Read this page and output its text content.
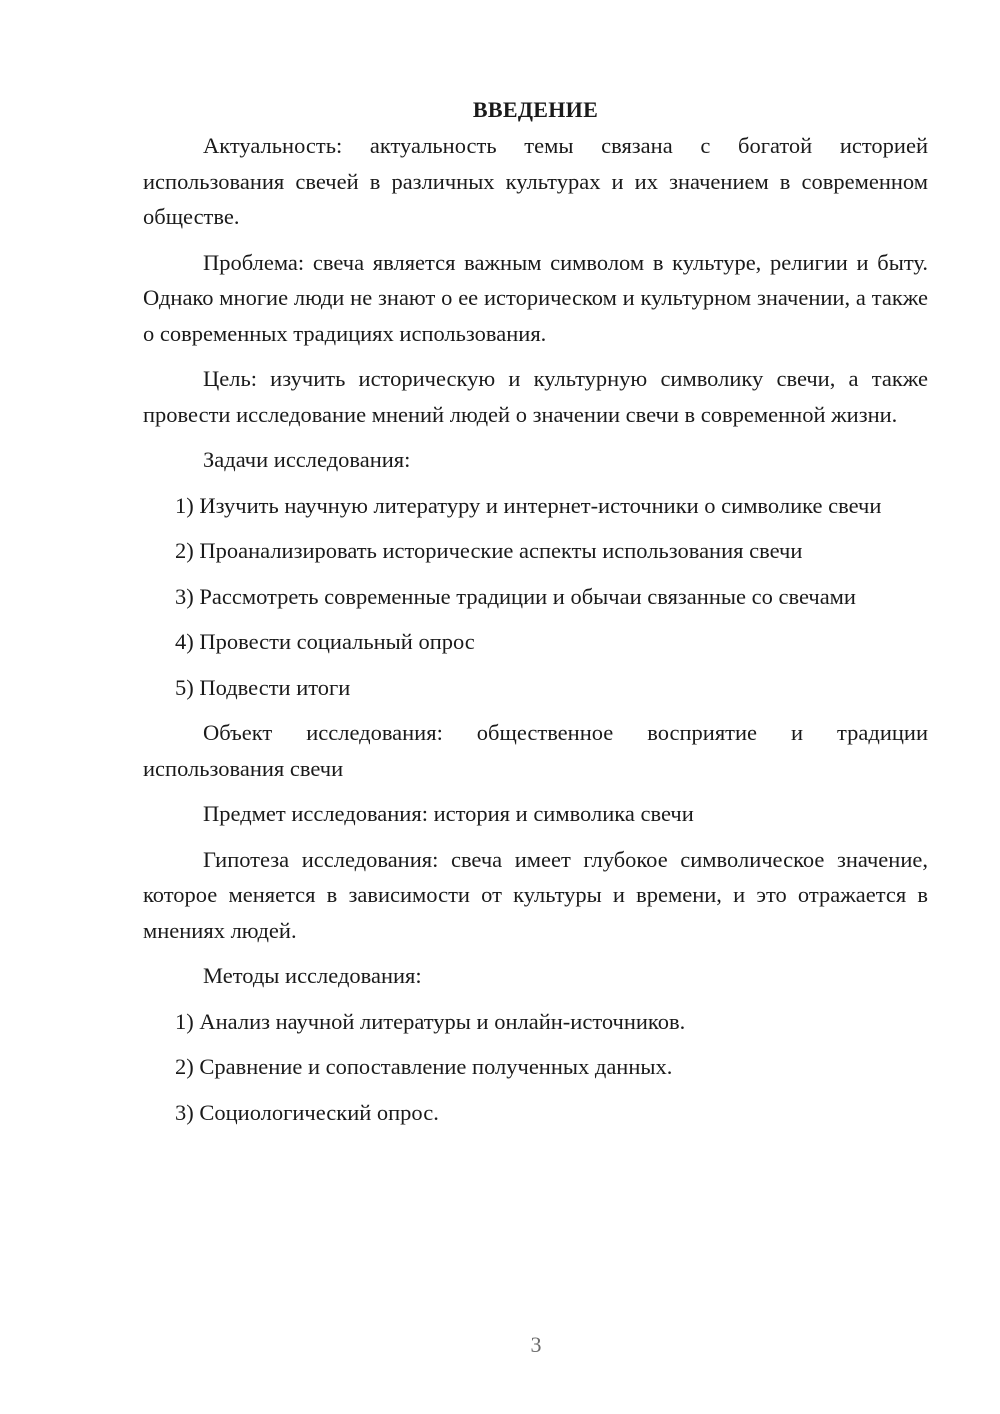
ВВЕДЕНИЕ

Актуальность: актуальность темы связана с богатой историей использования свечей в различных культурах и их значением в современном обществе.

Проблема: свеча является важным символом в культуре, религии и быту. Однако многие люди не знают о ее историческом и культурном значении, а также о современных традициях использования.

Цель: изучить историческую и культурную символику свечи, а также провести исследование мнений людей о значении свечи в современной жизни.

Задачи исследования:

1) Изучить научную литературу и интернет-источники о символике свечи
2) Проанализировать исторические аспекты использования свечи
3) Рассмотреть современные традиции и обычаи связанные со свечами
4) Провести социальный опрос
5) Подвести итоги

Объект исследования: общественное восприятие и традиции использования свечи

Предмет исследования: история и символика свечи

Гипотеза исследования: свеча имеет глубокое символическое значение, которое меняется в зависимости от культуры и времени, и это отражается в мнениях людей.

Методы исследования:

1) Анализ научной литературы и онлайн-источников.
2) Сравнение и сопоставление полученных данных.
3) Социологический опрос.
3
